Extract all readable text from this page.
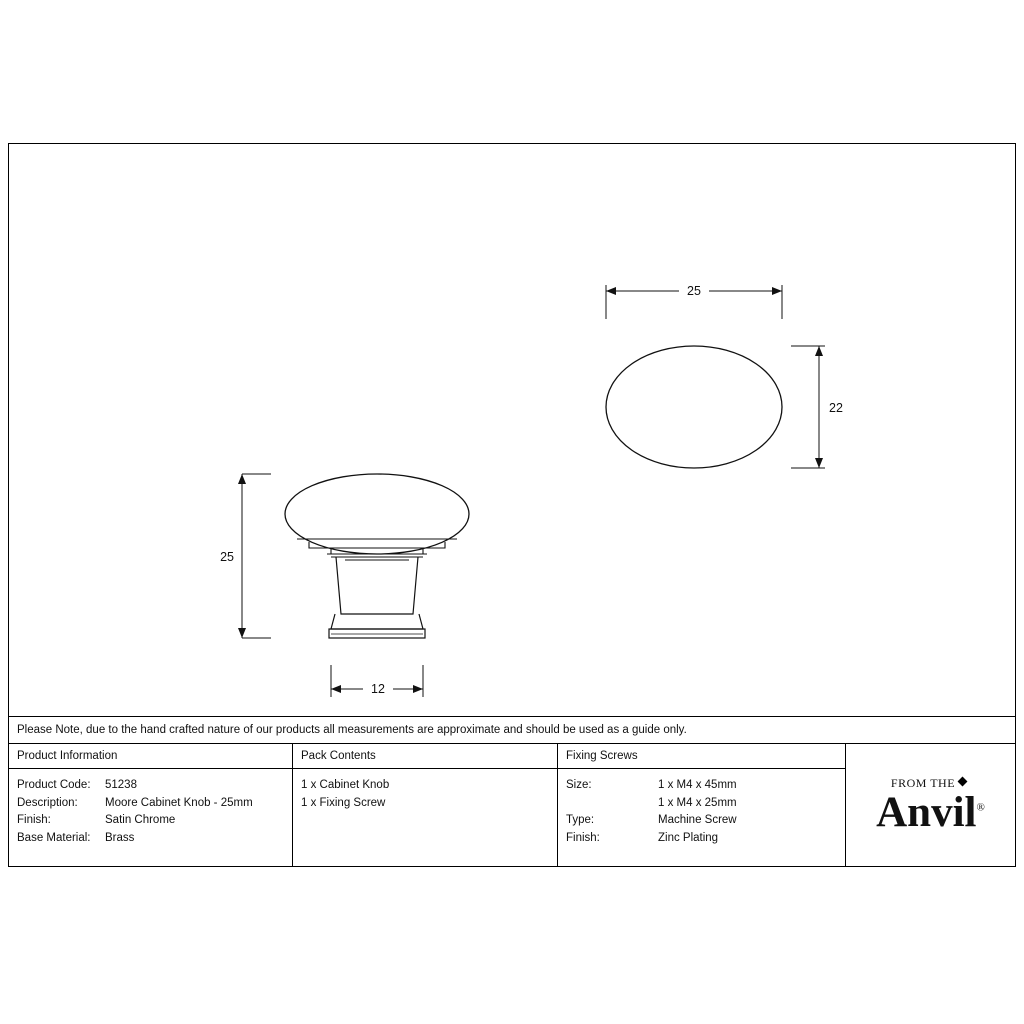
25
12
25
22
Please Note, due to the hand crafted nature of our products all measurements are approximate and should be used as a guide only.
Product Information
Product Code:	51238
Description:	Moore Cabinet Knob - 25mm
Finish:	Satin Chrome
Base Material:	Brass
Pack Contents
1 x Cabinet Knob
1 x Fixing Screw
Fixing Screws
Size:	1 x M4 x 45mm
1 x M4 x 25mm
Type:	Machine Screw
Finish:	Zinc Plating
FROM THE
Anvil®
